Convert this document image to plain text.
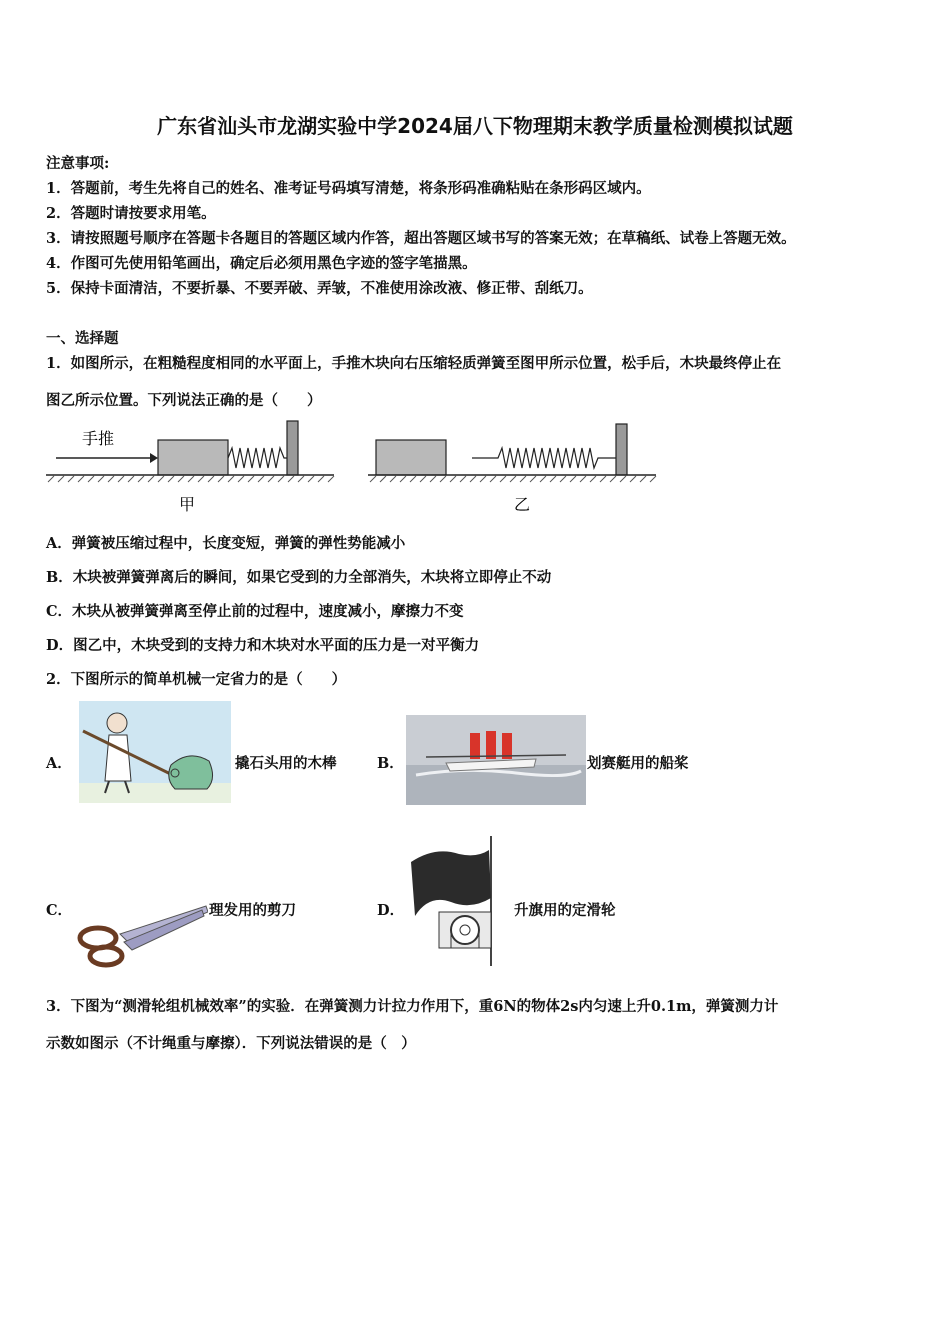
广东省汕头市龙湖实验中学2024届八下物理期末教学质量检测模拟试题
注意事项:
1．答题前，考生先将自己的姓名、准考证号码填写清楚，将条形码准确粘贴在条形码区域内。
2．答题时请按要求用笔。
3．请按照题号顺序在答题卡各题目的答题区域内作答，超出答题区域书写的答案无效；在草稿纸、试卷上答题无效。
4．作图可先使用铅笔画出，确定后必须用黑色字迹的签字笔描黑。
5．保持卡面清洁，不要折暴、不要弄破、弄皱，不准使用涂改液、修正带、刮纸刀。
一、选择题
1．如图所示，在粗糙程度相同的水平面上，手推木块向右压缩轻质弹簧至图甲所示位置，松手后，木块最终停止在
图乙所示位置。下列说法正确的是（　　）
手推
甲	乙
A．弹簧被压缩过程中，长度变短，弹簧的弹性势能减小
B．木块被弹簧弹离后的瞬间，如果它受到的力全部消失，木块将立即停止不动
C．木块从被弹簧弹离至停止前的过程中，速度减小，摩擦力不变
D．图乙中，木块受到的支持力和木块对水平面的压力是一对平衡力
2．下图所示的简单机械一定省力的是（　　）
A．	撬石头用的木棒	B．	划赛艇用的船桨
C．	理发用的剪刀	D．	升旗用的定滑轮
3．下图为“测滑轮组机械效率”的实验．在弹簧测力计拉力作用下，重6N的物体2s内匀速上升0.1m，弹簧测力计
示数如图示（不计绳重与摩擦）．下列说法错误的是（　）
